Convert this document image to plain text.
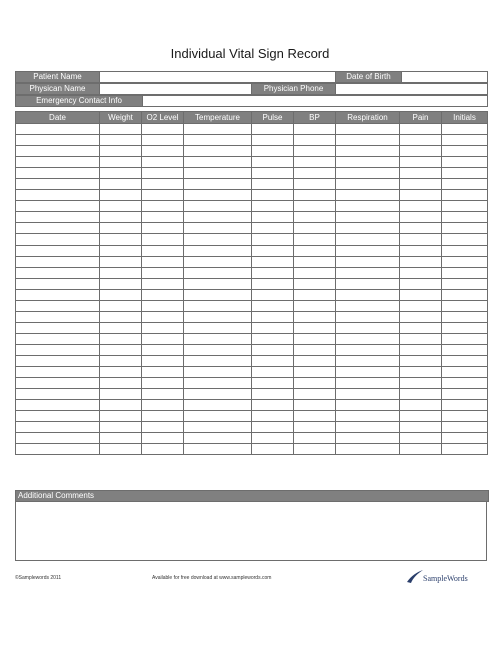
Individual Vital Sign Record
Patient Name		Date of Birth	
Physican Name		Physician Phone	
Emergency Contact Info	
Date	Weight	O2 Level	Temperature	Pulse	BP	Respiration	Pain	Initials

Additional Comments
©Samplewords 2011	Available for free download at www.samplewords.com	SampleWords
